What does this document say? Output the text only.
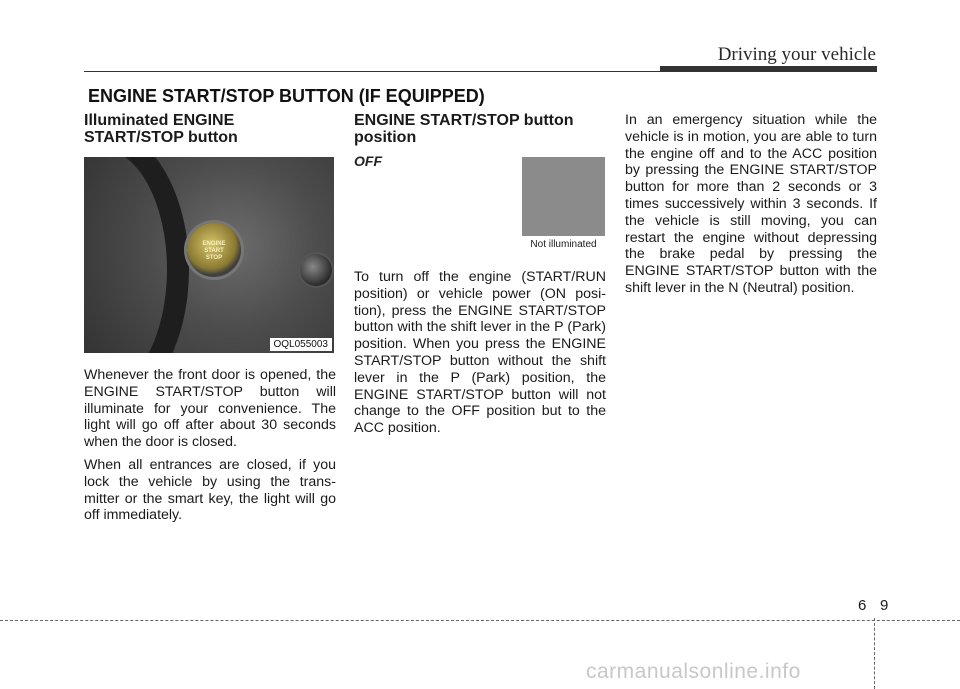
Driving your vehicle
ENGINE START/STOP BUTTON (IF EQUIPPED)

Illuminated ENGINE
START/STOP button

ENGINE
START
STOP
OQL055003

Whenever the front door is opened, the ENGINE START/STOP button will illuminate for your convenience. The light will go off after about 30 seconds when the door is closed.

When all entrances are closed, if you lock the vehicle by using the trans-mitter or the smart key, the light will go off immediately.

ENGINE START/STOP button
position

OFF

To turn off the engine (START/RUN position) or vehicle power (ON posi-tion), press the ENGINE START/STOP button with the shift lever in the P (Park) position. When you press the ENGINE START/STOP button without the shift lever in the P (Park) position, the ENGINE START/STOP button will not change to the OFF position but to the ACC position.

Not illuminated

In an emergency situation while the vehicle is in motion, you are able to turn the engine off and to the ACC position by pressing the ENGINE START/STOP button for more than 2 seconds or 3 times successively within 3 seconds. If the vehicle is still moving, you can restart the engine without depressing the brake pedal by pressing the ENGINE START/STOP button with the shift lever in the N (Neutral) position.

6 9
carmanualsonline.info
